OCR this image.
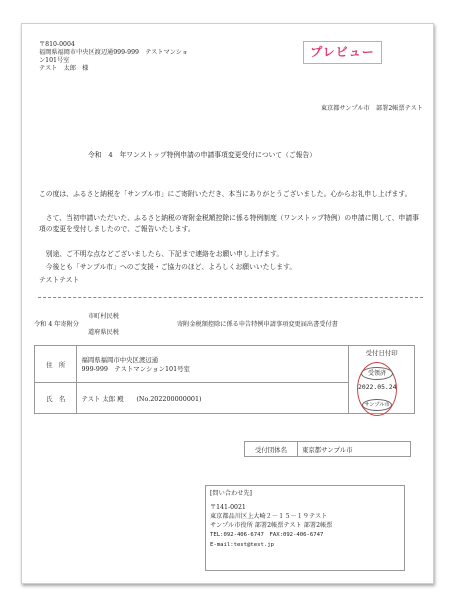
〒810-0004
福岡県福岡市中央区渡辺通999-999　テストマンショ
ン101号室
テスト　太郎　様
プレビュー
東京都サンプル市　部署2帳票テスト
令和　4　年ワンストップ特例申請の申請事項変更受付について（ご報告）
この度は、ふるさと納税を「サンプル市」にご寄附いただき、本当にありがとうございました。心からお礼申し上げます。
　さて、当初申請いただいた、ふるさと納税の寄附金税額控除に係る特例制度（ワンストップ特例）の申請に関して、申請事項の変更を受付しましたので、ご報告いたします。
　別途、ご不明な点などございましたら、下記まで連絡をお願い申し上げます。
　今後とも「サンプル市」へのご支援・ご協力のほど、よろしくお願いいたします。
テストテスト
令和 4 年寄附分
市町村民税
道府県民税
寄附金税額控除に係る申告特例申請事項変更届出書受付書
住　所	福岡県福岡市中央区渡辺通
999-999　テストマンション101号室	受付日付印

氏　名	テスト 太郎 殿　　(No.202200000001)	
受領済
2022.05.24
サンプル市
受付団体名	東京都サンプル市
[問い合わせ先]
〒141-0021
東京都品川区上大崎２－１５－１９テスト
サンプル市役所 部署2帳票テスト 部署2帳票
TEL:092-406-6747　FAX:092-406-6747
E-mail:test@test.jp
